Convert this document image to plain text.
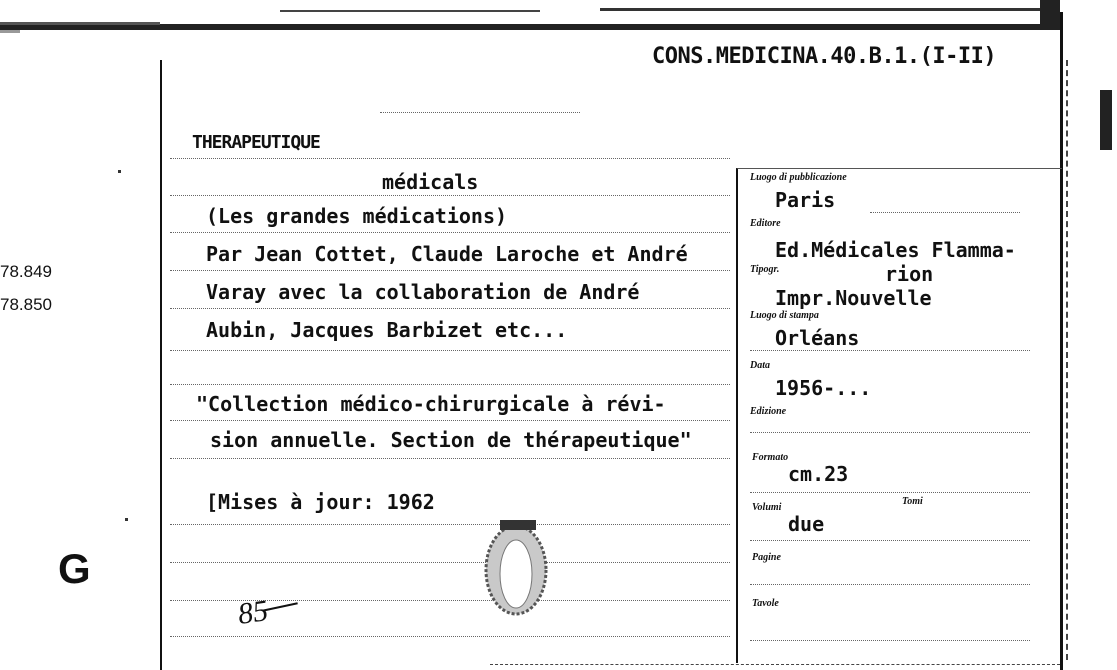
78.849
78.850
G
CONS.MEDICINA.40.B.1.(I-II)
THERAPEUTIQUE
médicals
(Les grandes médications)
Par Jean Cottet, Claude Laroche et André
Varay avec la collaboration de André
Aubin, Jacques Barbizet etc...
"Collection médico-chirurgicale à révi-
sion annuelle. Section de thérapeutique"
[Mises à jour: 1962
85
Luogo di pubblicazione
Paris
Editore
Ed.Médicales Flamma-
Tipogr.	rion
Impr.Nouvelle
Luogo di stampa
Orléans
Data
1956-...
Edizione
Formato
cm.23
Volumi
Tomi
due
Pagine
Tavole
